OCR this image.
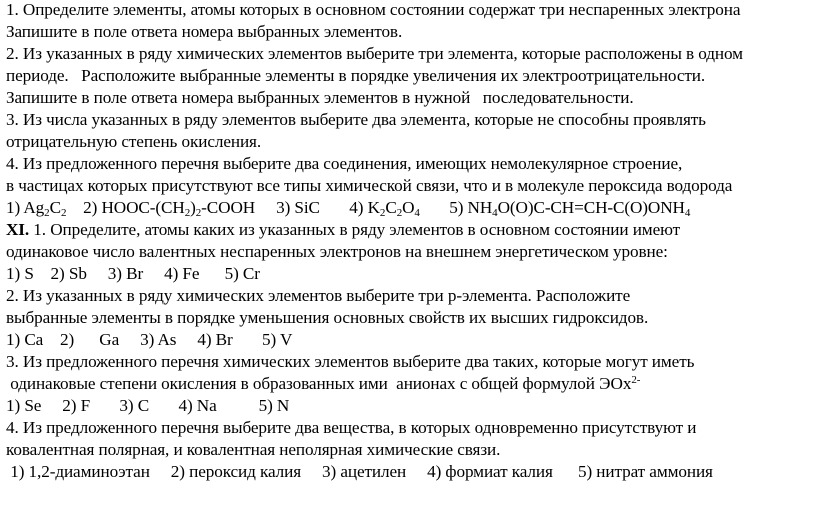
1. Определите элементы, атомы которых в основном состоянии содержат три неспаренных электрона
Запишите в поле ответа номера выбранных элементов.
2. Из указанных в ряду химических элементов выберите три элемента, которые расположены в одном
периоде.   Расположите выбранные элементы в порядке увеличения их электроотрицательности.
Запишите в поле ответа номера выбранных элементов в нужной   последовательности.
3. Из числа указанных в ряду элементов выберите два элемента, которые не способны проявлять
отрицательную степень окисления.
4. Из предложенного перечня выберите два соединения, имеющих немолекулярное строение,
в частицах которых присутствуют все типы химической связи, что и в молекуле пероксида водорода
1) $Ag_2C_2$ 2) HOOC-$(CH_2)_2$-COOH 3) SiC 4) $K_2C_2O_4$ 5) $NH_4O(O)C-CH=CH-C(O)ONH_4$
XI. 1. Определите, атомы каких из указанных в ряду элементов в основном состоянии имеют
одинаковое число валентных неспаренных электронов на внешнем энергетическом уровне:
1) S    2) Sb     3) Br     4) Fe      5) Cr
2. Из указанных в ряду химических элементов выберите три р-элемента. Расположите
выбранные элементы в порядке уменьшения основных свойств их высших гидроксидов.
1) Ca    2)      Ga     3) As     4) Br       5) V
3. Из предложенного перечня химических элементов выберите два таких, которые могут иметь
одинаковые степени окисления в образованных ими  анионах с общей формулой ЭОх$^{2-}$
1) Se     2) F       3) C       4) Na          5) N
4. Из предложенного перечня выберите два вещества, в которых одновременно присутствуют и
ковалентная полярная, и ковалентная неполярная химические связи.
1) 1,2-диаминоэтан     2) пероксид калия     3) ацетилен     4) формиат калия      5) нитрат аммония
